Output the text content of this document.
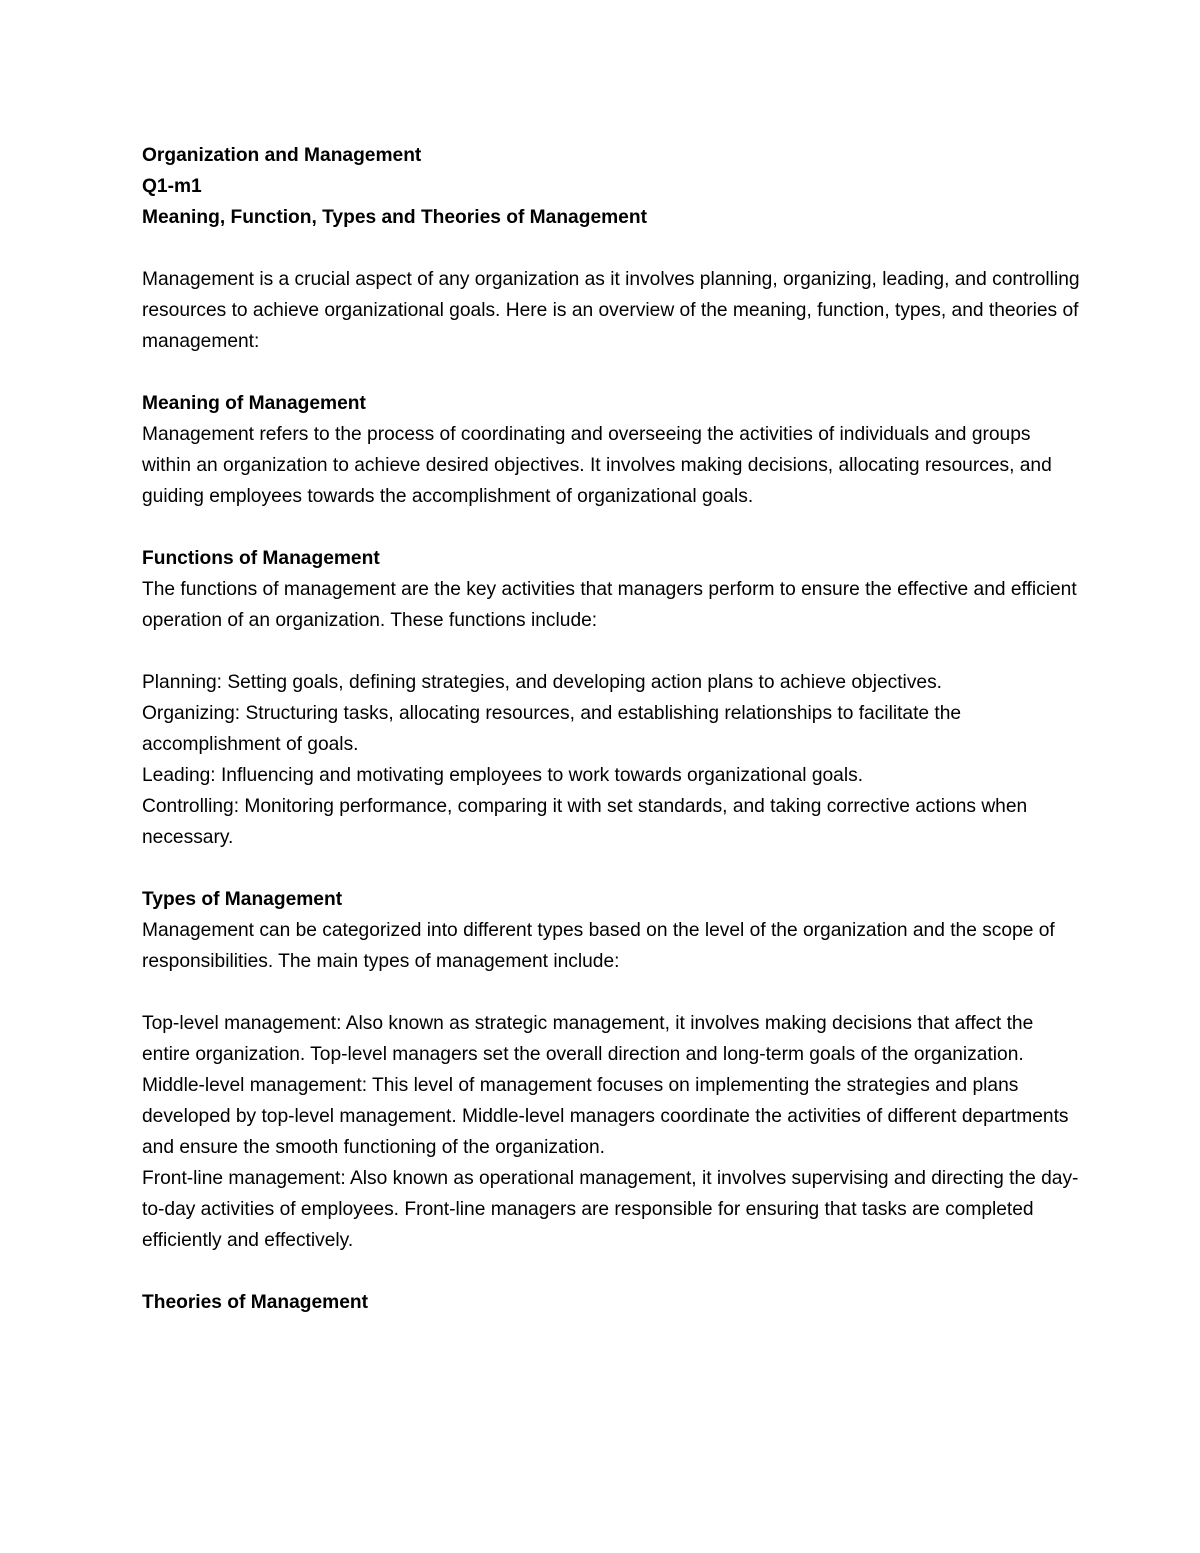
Organization and Management
Q1-m1
Meaning, Function, Types and Theories of Management

Management is a crucial aspect of any organization as it involves planning, organizing, leading, and controlling resources to achieve organizational goals. Here is an overview of the meaning, function, types, and theories of management:

Meaning of Management

Management refers to the process of coordinating and overseeing the activities of individuals and groups within an organization to achieve desired objectives. It involves making decisions, allocating resources, and guiding employees towards the accomplishment of organizational goals.

Functions of Management

The functions of management are the key activities that managers perform to ensure the effective and efficient operation of an organization. These functions include:

Planning: Setting goals, defining strategies, and developing action plans to achieve objectives.
Organizing: Structuring tasks, allocating resources, and establishing relationships to facilitate the accomplishment of goals.
Leading: Influencing and motivating employees to work towards organizational goals.
Controlling: Monitoring performance, comparing it with set standards, and taking corrective actions when necessary.
Types of Management

Management can be categorized into different types based on the level of the organization and the scope of responsibilities. The main types of management include:

Top-level management: Also known as strategic management, it involves making decisions that affect the entire organization. Top-level managers set the overall direction and long-term goals of the organization.
Middle-level management: This level of management focuses on implementing the strategies and plans developed by top-level management. Middle-level managers coordinate the activities of different departments and ensure the smooth functioning of the organization.
Front-line management: Also known as operational management, it involves supervising and directing the day-to-day activities of employees. Front-line managers are responsible for ensuring that tasks are completed efficiently and effectively.
Theories of Management
